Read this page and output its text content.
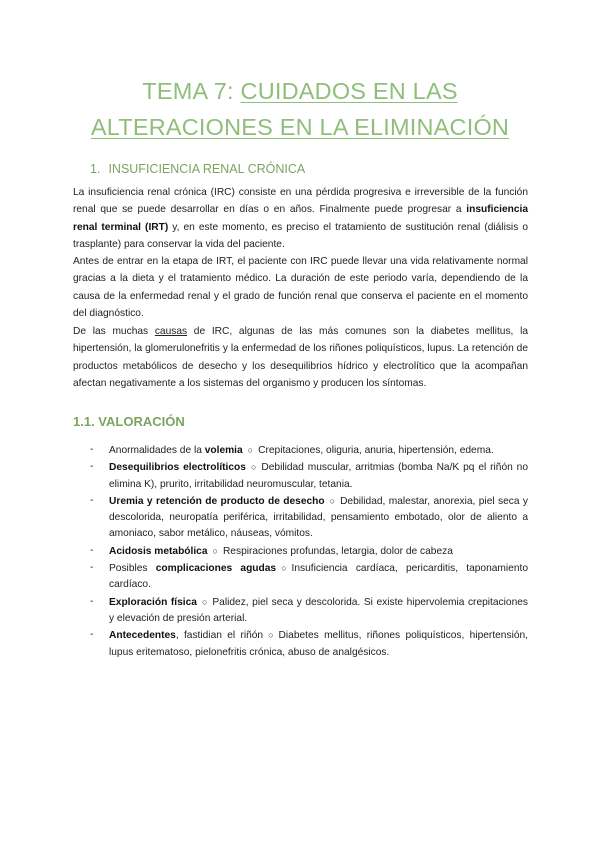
TEMA 7: CUIDADOS EN LAS
ALTERACIONES EN LA ELIMINACIÓN
1. INSUFICIENCIA RENAL CRÓNICA

La insuficiencia renal crónica (IRC) consiste en una pérdida progresiva e irreversible de la función renal que se puede desarrollar en días o en años. Finalmente puede progresar a insuficiencia renal terminal (IRT) y, en este momento, es preciso el tratamiento de sustitución renal (diálisis o trasplante) para conservar la vida del paciente.

Antes de entrar en la etapa de IRT, el paciente con IRC puede llevar una vida relativamente normal gracias a la dieta y el tratamiento médico. La duración de este periodo varía, dependiendo de la causa de la enfermedad renal y el grado de función renal que conserva el paciente en el momento del diagnóstico.

De las muchas causas de IRC, algunas de las más comunes son la diabetes mellitus, la hipertensión, la glomerulonefritis y la enfermedad de los riñones poliquísticos, lupus. La retención de productos metabólicos de desecho y los desequilibrios hídrico y electrolítico que la acompañan afectan negativamente a los sistemas del organismo y producen los síntomas.

1.1. VALORACIÓN
- Anormalidades de la volemia ○ Crepitaciones, oliguria, anuria, hipertensión, edema.
- Desequilibrios electrolíticos ○ Debilidad muscular, arritmias (bomba Na/K pq el riñón no elimina K), prurito, irritabilidad neuromuscular, tetania.
- Uremia y retención de producto de desecho ○ Debilidad, malestar, anorexia, piel seca y descolorida, neuropatía periférica, irritabilidad, pensamiento embotado, olor de aliento a amoniaco, sabor metálico, náuseas, vómitos.
- Acidosis metabólica ○ Respiraciones profundas, letargia, dolor de cabeza
- Posibles complicaciones agudas ○ Insuficiencia cardíaca, pericarditis, taponamiento cardíaco.
- Exploración física ○ Palidez, piel seca y descolorida. Si existe hipervolemia crepitaciones y elevación de presión arterial.
- Antecedentes, fastidian el riñón ○ Diabetes mellitus, riñones poliquísticos, hipertensión, lupus eritematoso, pielonefritis crónica, abuso de analgésicos.
